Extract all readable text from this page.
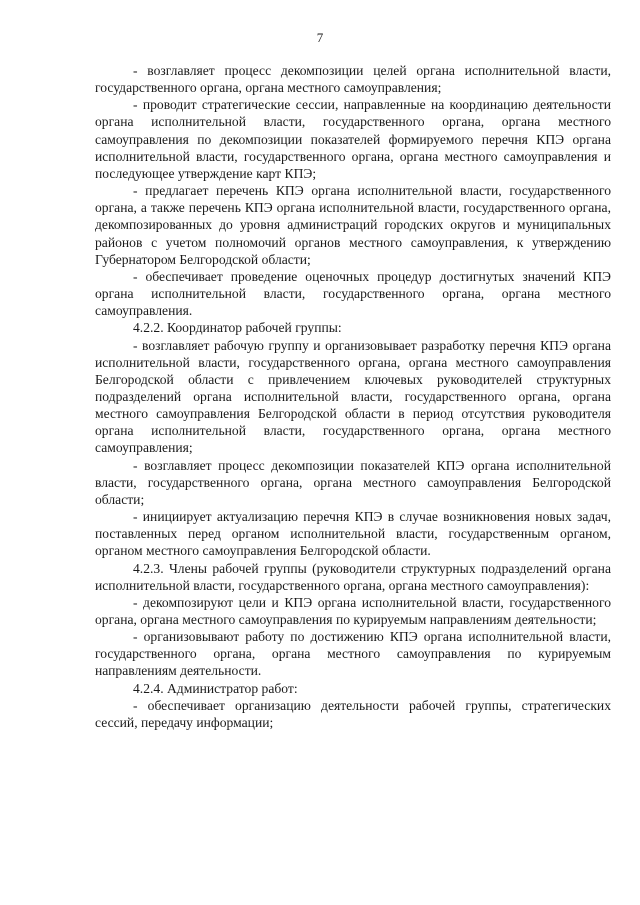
7

- возглавляет процесс декомпозиции целей органа исполнительной власти, государственного органа, органа местного самоуправления;

- проводит стратегические сессии, направленные на координацию деятельности органа исполнительной власти, государственного органа, органа местного самоуправления по декомпозиции показателей формируемого перечня КПЭ органа исполнительной власти, государственного органа, органа местного самоуправления и последующее утверждение карт КПЭ;

- предлагает перечень КПЭ органа исполнительной власти, государственного органа, а также перечень КПЭ органа исполнительной власти, государственного органа, декомпозированных до уровня администраций городских округов и муниципальных районов с учетом полномочий органов местного самоуправления, к утверждению Губернатором Белгородской области;

- обеспечивает проведение оценочных процедур достигнутых значений КПЭ органа исполнительной власти, государственного органа, органа местного самоуправления.

4.2.2. Координатор рабочей группы:

- возглавляет рабочую группу и организовывает разработку перечня КПЭ органа исполнительной власти, государственного органа, органа местного самоуправления Белгородской области с привлечением ключевых руководителей структурных подразделений органа исполнительной власти, государственного органа, органа местного самоуправления Белгородской области в период отсутствия руководителя органа исполнительной власти, государственного органа, органа местного самоуправления;

- возглавляет процесс декомпозиции показателей КПЭ органа исполнительной власти, государственного органа, органа местного самоуправления Белгородской области;

- инициирует актуализацию перечня КПЭ в случае возникновения новых задач, поставленных перед органом исполнительной власти, государственным органом, органом местного самоуправления Белгородской области.

4.2.3. Члены рабочей группы (руководители структурных подразделений органа исполнительной власти, государственного органа, органа местного самоуправления):

- декомпозируют цели и КПЭ органа исполнительной власти, государственного органа, органа местного самоуправления по курируемым направлениям деятельности;

- организовывают работу по достижению КПЭ органа исполнительной власти, государственного органа, органа местного самоуправления по курируемым направлениям деятельности.

4.2.4. Администратор работ:

- обеспечивает организацию деятельности рабочей группы, стратегических сессий, передачу информации;
